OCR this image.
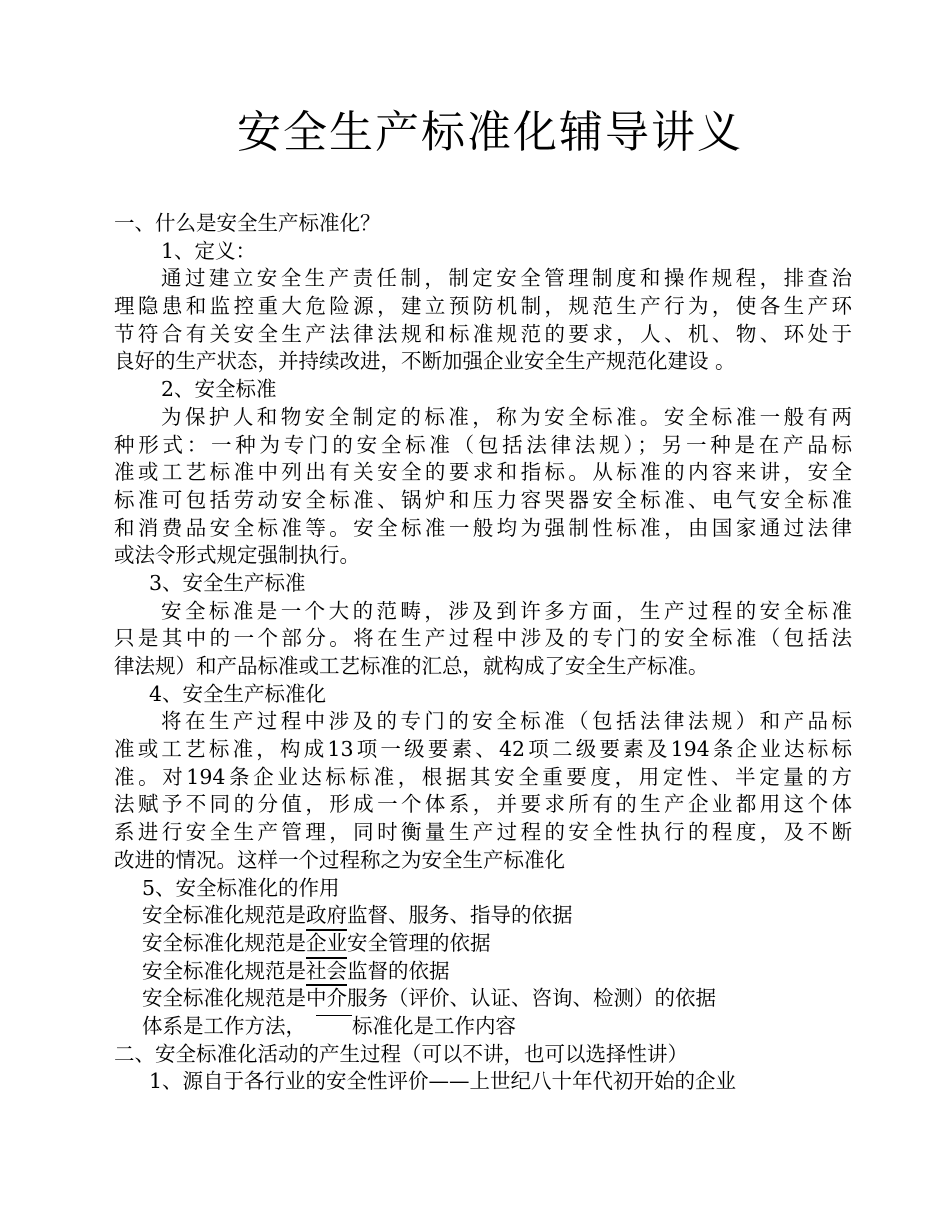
安全生产标准化辅导讲义
一、什么是安全生产标准化？
1、定义：
通过建立安全生产责任制，制定安全管理制度和操作规程，排查治
理隐患和监控重大危险源，建立预防机制，规范生产行为，使各生产环
节符合有关安全生产法律法规和标准规范的要求，人、机、物、环处于
良好的生产状态，并持续改进，不断加强企业安全生产规范化建设 。
2、安全标准
为保护人和物安全制定的标准，称为安全标准。安全标准一般有两
种形式：一种为专门的安全标准（包括法律法规）；另一种是在产品标
准或工艺标准中列出有关安全的要求和指标。从标准的内容来讲，安全
标准可包括劳动安全标准、锅炉和压力容哭器安全标准、电气安全标准
和消费品安全标准等。安全标准一般均为强制性标准，由国家通过法律
或法令形式规定强制执行。
3、安全生产标准
安全标准是一个大的范畴，涉及到许多方面，生产过程的安全标准
只是其中的一个部分。将在生产过程中涉及的专门的安全标准（包括法
律法规）和产品标准或工艺标准的汇总，就构成了安全生产标准。
4、安全生产标准化
将在生产过程中涉及的专门的安全标准（包括法律法规）和产品标
准或工艺标准，构成13项一级要素、42项二级要素及194条企业达标标
准。对194条企业达标标准，根据其安全重要度，用定性、半定量的方
法赋予不同的分值，形成一个体系，并要求所有的生产企业都用这个体
系进行安全生产管理，同时衡量生产过程的安全性执行的程度，及不断
改进的情况。这样一个过程称之为安全生产标准化
5、安全标准化的作用
安全标准化规范是政府监督、服务、指导的依据
安全标准化规范是企业安全管理的依据
安全标准化规范是社会监督的依据
安全标准化规范是中介服务（评价、认证、咨询、检测）的依据
体系是工作方法， 标准化是工作内容
二、安全标准化活动的产生过程（可以不讲，也可以选择性讲）
1、源自于各行业的安全性评价——上世纪八十年代初开始的企业
